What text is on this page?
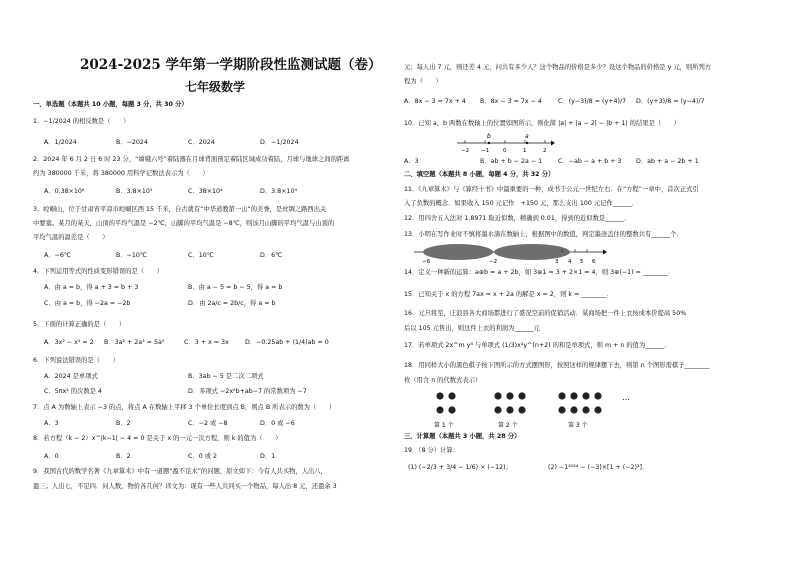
2024-2025 学年第一学期阶段性监测试题（卷）
七年级数学
一、单选题（本题共 10 小题，每题 3 分，共 30 分）
1．−1/2024 的相反数是（　　）
A．1/2024	B．−2024	C．2024	D．−1/2024
2．2024 年 6 月 2 日 6 时 23 分，“嫦娥六号”着陆器在月球背面预定着陆区域成功着陆，月球与地球之间的距离
约为 380000 千米，将 380000 用科学记数法表示为（　　）
A．0.38×10⁶	B．3.8×10⁵	C．38×10⁴	D．3.8×10⁴
3．崆峒山，位于甘肃省平凉市崆峒区西 15 千米，自古就有“中华道教第一山”的美誉，是丝绸之路西出关
中要塞。某月的某天，山顶的平均气温是 −2℃，山脚的平均气温是 −8℃，则该月山脚的平均气温与山顶的
平均气温的温差是（　　）
A．−6℃	B．−10℃	C．10℃	D．6℃
4．下列运用等式的性质变形错误的是（　　）
A．由 a = b，得 a + 3 = b + 3	B．由 a − 5 = b − 5，得 a = b
C．由 a = b，得 −2a = −2b	D．由 2a/c = 2b/c，得 a = b
5．下面的计算正确的是（　　）
A．3x² − x² = 2 B．3a² + 2a³ = 5a⁵	C．3 + x = 3x	D．−0.25ab + (1/4)ab = 0
6．下列说法错误的是（　　）
A．2024 是单项式	B．3ab − 5 是二次二项式
C．5πx² 的次数是 4	D．多项式 −2x²b+ab−7 的常数项为 −7
7．点 A 为数轴上表示 −3 的点，将点 A 在数轴上平移 3 个单位长度到点 B，则点 B 所表示的数为（　　）
A．3	B．2	C．−2 或 −8	D．0 或 −6
8．若方程（k − 2）x^|k−1| − 4 = 0 是关于 x 的一元一次方程，则 k 的值为（　　）
A．0	B．2	C．0 或 2	D．1
9．我国古代的数学名著《九章算术》中有一道题“盈不足术”的问题，原文如下：今有人共买物，人出八，
盈三；人出七，不足四．问人数，物价各几何？译文为：现有一些人共同买一个物品，每人出 8 元，还盈余 3
元；每人出 7 元，则还差 4 元，问共有多少人？这个物品的价格是多少？设这个物品的价格是 y 元，则所列方
程为（　　）
A．8x − 3 = 7x + 4 B．8x − 3 = 7x − 4	C．(y−3)/8 = (y+4)/7 D．(y+3)/8 = (y−4)/7
10．已知 a，b 两数在数轴上的位置如图所示，则化简 |a| + |a − 2| − |b + 1| 的结果是（　　）
b	a
−2 −1	0	1	2
A．3	B．ab + b − 2a − 1	C．−ab − a + b + 3 D．ab + a − 2b + 1
二、填空题（本题共 8 小题，每题 4 分，共 32 分）
11．《九章算术》与《算经十书》中最重要的一种，成书于公元一世纪左右．在“方程”一章中，首次正式引
入了负数的概念．如果收入 150 元记作　+150 元，那么支出 100 元记作______．
12．用四舍五入法对 1.8971 取近似数，精确到 0.01，得到的近似数是______．
13．小明在写作业时不慎将墨水滴在数轴上，根据图中的数值，判定墨迹盖住的整数共有______个．
−6	−2	3 4 5 6
14．定义一种新的运算：a⊕b = a + 2b，如 3⊕1 = 3 + 2×1 = 4，则 3⊕(−1) = ________．
15．已知关于 x 的方程 7ax = x + 2a 的解是 x = 2，则 k = ________．
16．元旦将至，庄浪县各大商场都进行了盛况空前的促销活动．某商场把一件上衣按成本价提高 50%
后以 105 元售出，则这件上衣的利润为______元
17．若单项式 2x^m y³ 与单项式 (1/3)x²y^(n+2) 的和是单项式，则 m + n 的值为______．
18．用同样大小的黑色棋子按下图所示的方式摆图形，按照这样的规律摆下去，则第 n 个图形需棋子________
枚（用含 n 的代数式表示）
第 1 个	第 2 个	第 3 个
…
三、计算题（本题共 3 小题，共 28 分）
19．（8 分）计算：
(1) (−2/3 + 3/4 − 1/6) × (−12)；	(2) −1²⁰²⁴ − (−3)×[1 + (−2)³]．
